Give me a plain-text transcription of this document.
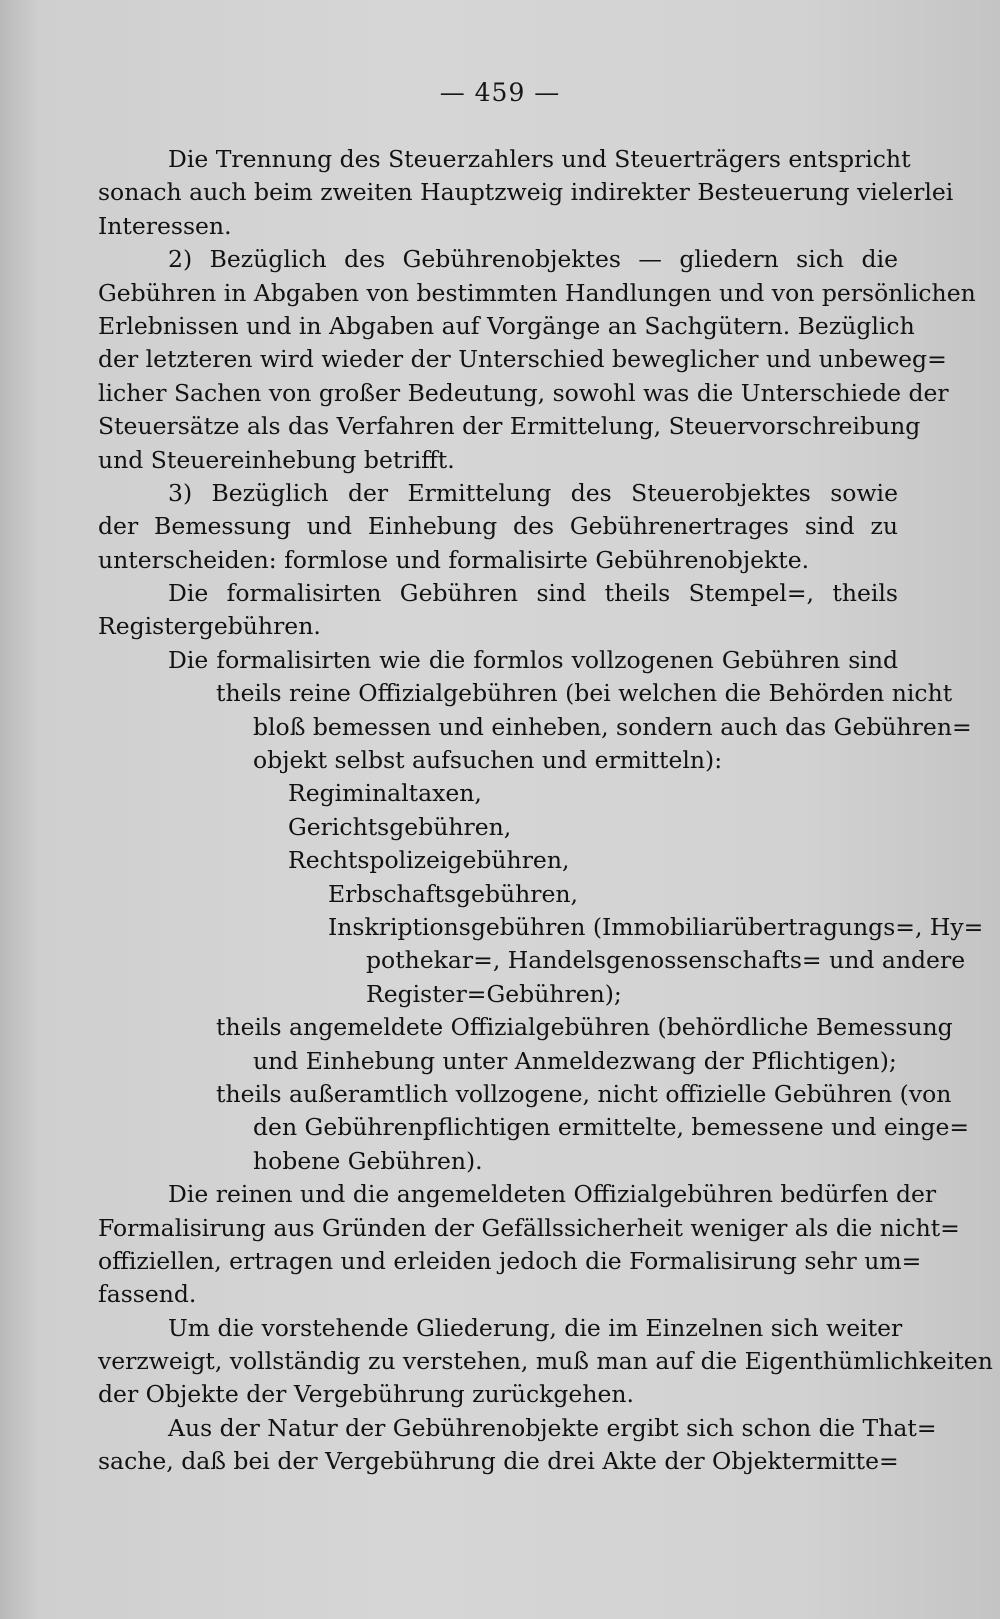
— 459 —
Die Trennung des Steuerzahlers und Steuerträgers entspricht
sonach auch beim zweiten Hauptzweig indirekter Besteuerung vielerlei
Interessen.
2) Bezüglich des Gebührenobjektes — gliedern sich die
Gebühren in Abgaben von bestimmten Handlungen und von persönlichen
Erlebnissen und in Abgaben auf Vorgänge an Sachgütern. Bezüglich
der letzteren wird wieder der Unterschied beweglicher und unbeweg=
licher Sachen von großer Bedeutung, sowohl was die Unterschiede der
Steuersätze als das Verfahren der Ermittelung, Steuervorschreibung
und Steuereinhebung betrifft.
3) Bezüglich der Ermittelung des Steuerobjektes sowie
der Bemessung und Einhebung des Gebührenertrages sind zu
unterscheiden: formlose und formalisirte Gebührenobjekte.
Die formalisirten Gebühren sind theils Stempel=, theils
Registergebühren.
Die formalisirten wie die formlos vollzogenen Gebühren sind
theils reine Offizialgebühren (bei welchen die Behörden nicht
bloß bemessen und einheben, sondern auch das Gebühren=
objekt selbst aufsuchen und ermitteln):
Regiminaltaxen,
Gerichtsgebühren,
Rechtspolizeigebühren,
Erbschaftsgebühren,
Inskriptionsgebühren (Immobiliarübertragungs=, Hy=
pothekar=, Handelsgenossenschafts= und andere
Register=Gebühren);
theils angemeldete Offizialgebühren (behördliche Bemessung
und Einhebung unter Anmeldezwang der Pflichtigen);
theils außeramtlich vollzogene, nicht offizielle Gebühren (von
den Gebührenpflichtigen ermittelte, bemessene und einge=
hobene Gebühren).
Die reinen und die angemeldeten Offizialgebühren bedürfen der
Formalisirung aus Gründen der Gefällssicherheit weniger als die nicht=
offiziellen, ertragen und erleiden jedoch die Formalisirung sehr um=
fassend.
Um die vorstehende Gliederung, die im Einzelnen sich weiter
verzweigt, vollständig zu verstehen, muß man auf die Eigenthümlichkeiten
der Objekte der Vergebührung zurückgehen.
Aus der Natur der Gebührenobjekte ergibt sich schon die That=
sache, daß bei der Vergebührung die drei Akte der Objektermitte=
